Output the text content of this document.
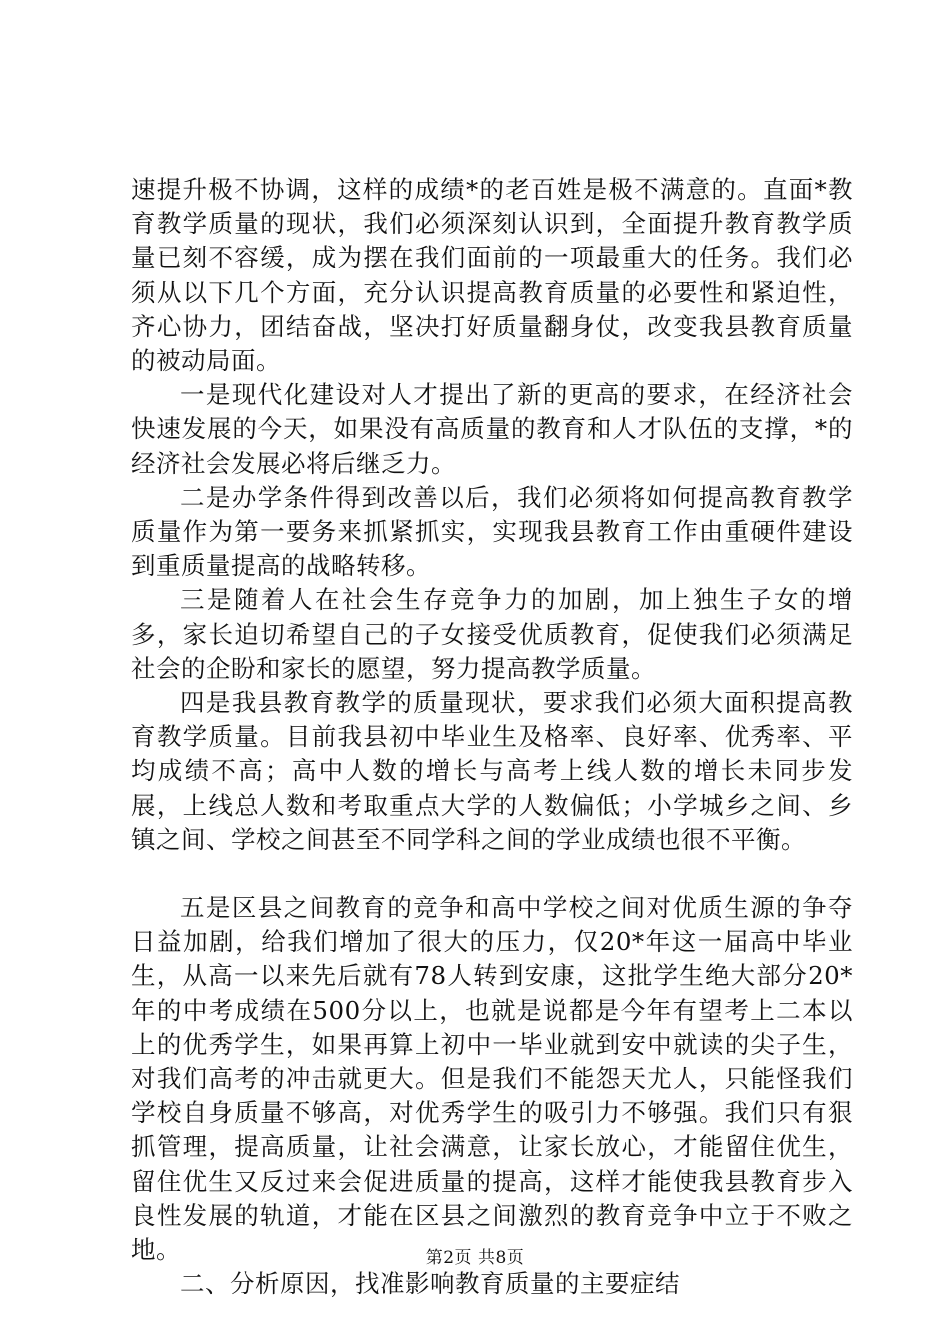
速提升极不协调，这样的成绩*的老百姓是极不满意的。直面*教育教学质量的现状，我们必须深刻认识到，全面提升教育教学质量已刻不容缓，成为摆在我们面前的一项最重大的任务。我们必须从以下几个方面，充分认识提高教育质量的必要性和紧迫性，齐心协力，团结奋战，坚决打好质量翻身仗，改变我县教育质量的被动局面。

一是现代化建设对人才提出了新的更高的要求，在经济社会快速发展的今天，如果没有高质量的教育和人才队伍的支撑，*的经济社会发展必将后继乏力。

二是办学条件得到改善以后，我们必须将如何提高教育教学质量作为第一要务来抓紧抓实，实现我县教育工作由重硬件建设到重质量提高的战略转移。

三是随着人在社会生存竞争力的加剧，加上独生子女的增多，家长迫切希望自己的子女接受优质教育，促使我们必须满足社会的企盼和家长的愿望，努力提高教学质量。

四是我县教育教学的质量现状，要求我们必须大面积提高教育教学质量。目前我县初中毕业生及格率、良好率、优秀率、平均成绩不高；高中人数的增长与高考上线人数的增长未同步发展，上线总人数和考取重点大学的人数偏低；小学城乡之间、乡镇之间、学校之间甚至不同学科之间的学业成绩也很不平衡。

五是区县之间教育的竞争和高中学校之间对优质生源的争夺日益加剧，给我们增加了很大的压力，仅20*年这一届高中毕业生，从高一以来先后就有78人转到安康，这批学生绝大部分20*年的中考成绩在500分以上，也就是说都是今年有望考上二本以上的优秀学生，如果再算上初中一毕业就到安中就读的尖子生，对我们高考的冲击就更大。但是我们不能怨天尤人，只能怪我们学校自身质量不够高，对优秀学生的吸引力不够强。我们只有狠抓管理，提高质量，让社会满意，让家长放心，才能留住优生，留住优生又反过来会促进质量的提高，这样才能使我县教育步入良性发展的轨道，才能在区县之间激烈的教育竞争中立于不败之地。

二、分析原因，找准影响教育质量的主要症结

第2页 共8页
